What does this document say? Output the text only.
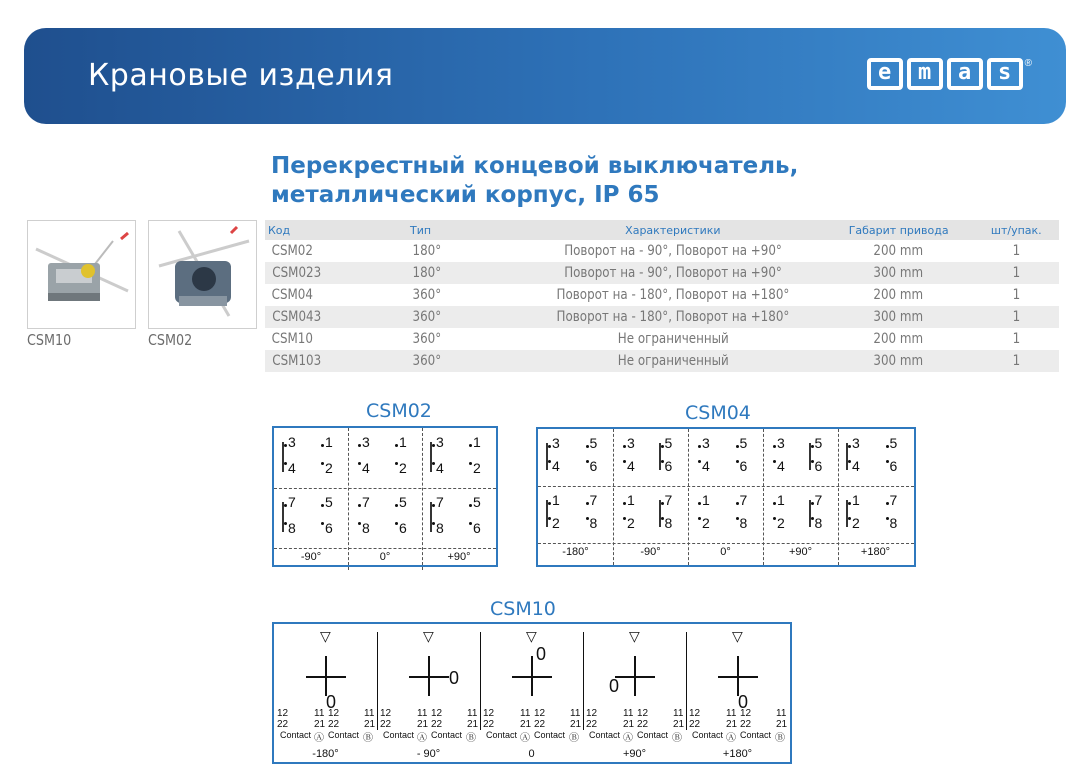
Крановые изделия	e	m	a	s	®
Перекрестный концевой выключатель,
металлический корпус, IP 65
CSM10	CSM02
Код	Тип	Характеристики	Габарит привода	шт/упак.
CSM02	180°	Поворот на - 90°, Поворот на +90°	200 mm	1
CSM023	180°	Поворот на - 90°, Поворот на +90°	300 mm	1
CSM04	360°	Поворот на - 180°, Поворот на +180°	200 mm	1
CSM043	360°	Поворот на - 180°, Поворот на +180°	300 mm	1
CSM10	360°	Не ограниченный	200 mm	1
CSM103	360°	Не ограниченный	300 mm	1
CSM02
3 1
4 2
7 5
8 6
-90°
3 1
4 2
7 5
8 6
0°
3 1
4 2
7 5
8 6
+90°
CSM04
3 5
4 6
1 7
2 8
-180°
3 5
4 6
1 7
2 8
-90°
3 5
4 6
1 7
2 8
0°
3 5
4 6
1 7
2 8
+90°
3 5
4 6
1 7
2 8
+180°
CSM10
▽
0
12	11 12 11
22	21 22 21
Contact Ⓐ Contact Ⓑ
-180°
▽
0
12	11 12 11
22	21 22 21
Contact Ⓐ Contact Ⓑ
- 90°
▽
0
12	11 12 11
22	21 22 21
Contact Ⓐ Contact Ⓑ
0
▽
0
12	11 12 11
22	21 22 21
Contact Ⓐ Contact Ⓑ
+90°
▽
0
12	11 12 11
22	21 22 21
Contact Ⓐ Contact Ⓑ
+180°
